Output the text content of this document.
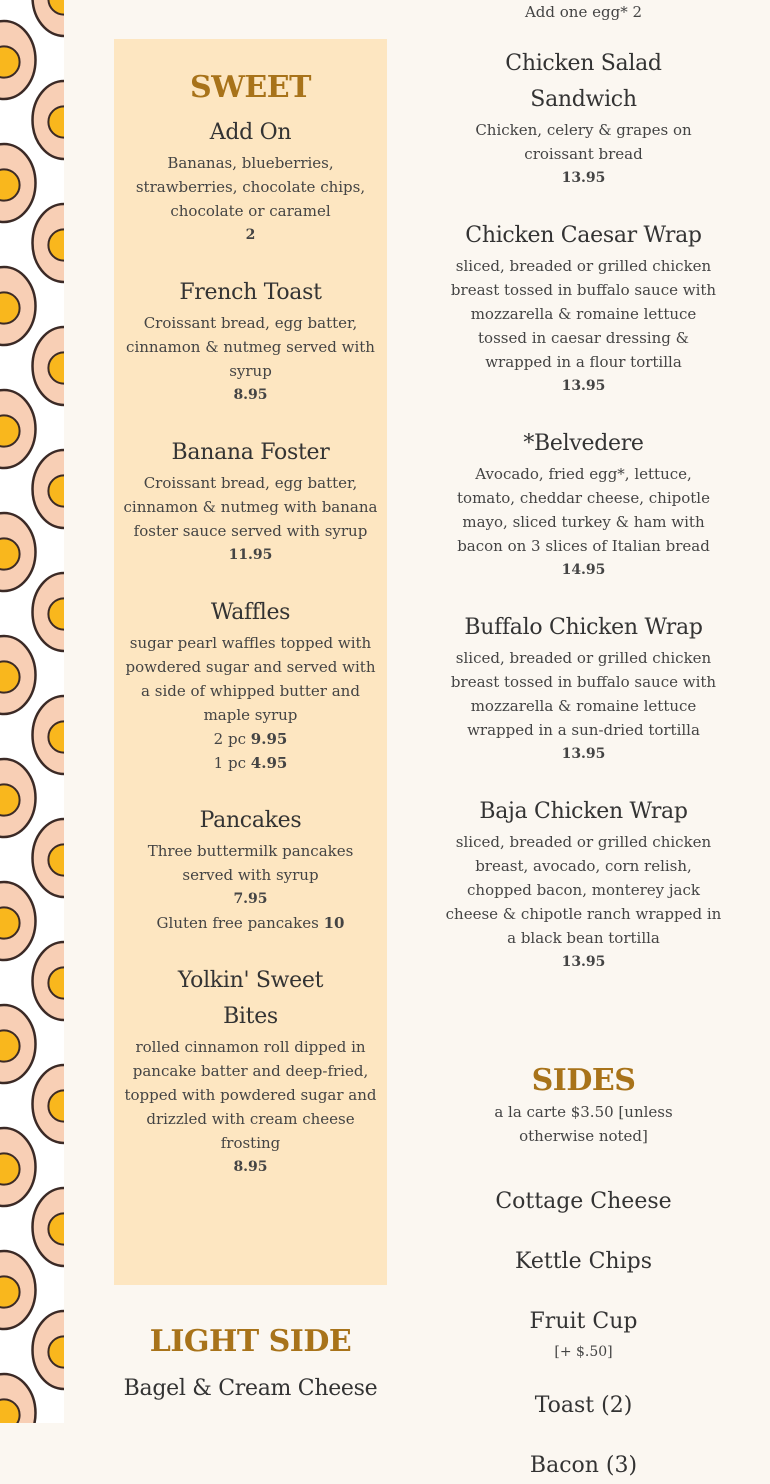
SWEET

Add On

Bananas, blueberries, strawberries, chocolate chips, chocolate or caramel

2

French Toast

Croissant bread, egg batter, cinnamon & nutmeg served with syrup

8.95

Banana Foster

Croissant bread, egg batter, cinnamon & nutmeg with banana foster sauce served with syrup

11.95

Waffles

sugar pearl waffles topped with powdered sugar and served with a side of whipped butter and maple syrup

2 pc 9.95

1 pc 4.95

Pancakes

Three buttermilk pancakes served with syrup

7.95

Gluten free pancakes 10

Yolkin' Sweet Bites

rolled cinnamon roll dipped in pancake batter and deep-fried, topped with powdered sugar and drizzled with cream cheese frosting

8.95

LIGHT SIDE

Bagel & Cream Cheese

Add one egg* 2

Chicken Salad Sandwich

Chicken, celery & grapes on croissant bread

13.95

Chicken Caesar Wrap

sliced, breaded or grilled chicken breast tossed in buffalo sauce with mozzarella & romaine lettuce tossed in caesar dressing & wrapped in a flour tortilla

13.95

*Belvedere

Avocado, fried egg*, lettuce, tomato, cheddar cheese, chipotle mayo, sliced turkey & ham with bacon on 3 slices of Italian bread

14.95

Buffalo Chicken Wrap

sliced, breaded or grilled chicken breast tossed in buffalo sauce with mozzarella & romaine lettuce wrapped in a sun-dried tortilla

13.95

Baja Chicken Wrap

sliced, breaded or grilled chicken breast, avocado, corn relish, chopped bacon, monterey jack cheese & chipotle ranch wrapped in a black bean tortilla

13.95

SIDES

a la carte $3.50 [unless otherwise noted]

Cottage Cheese

Kettle Chips

Fruit Cup

[+ $.50]

Toast (2)

Bacon (3)
